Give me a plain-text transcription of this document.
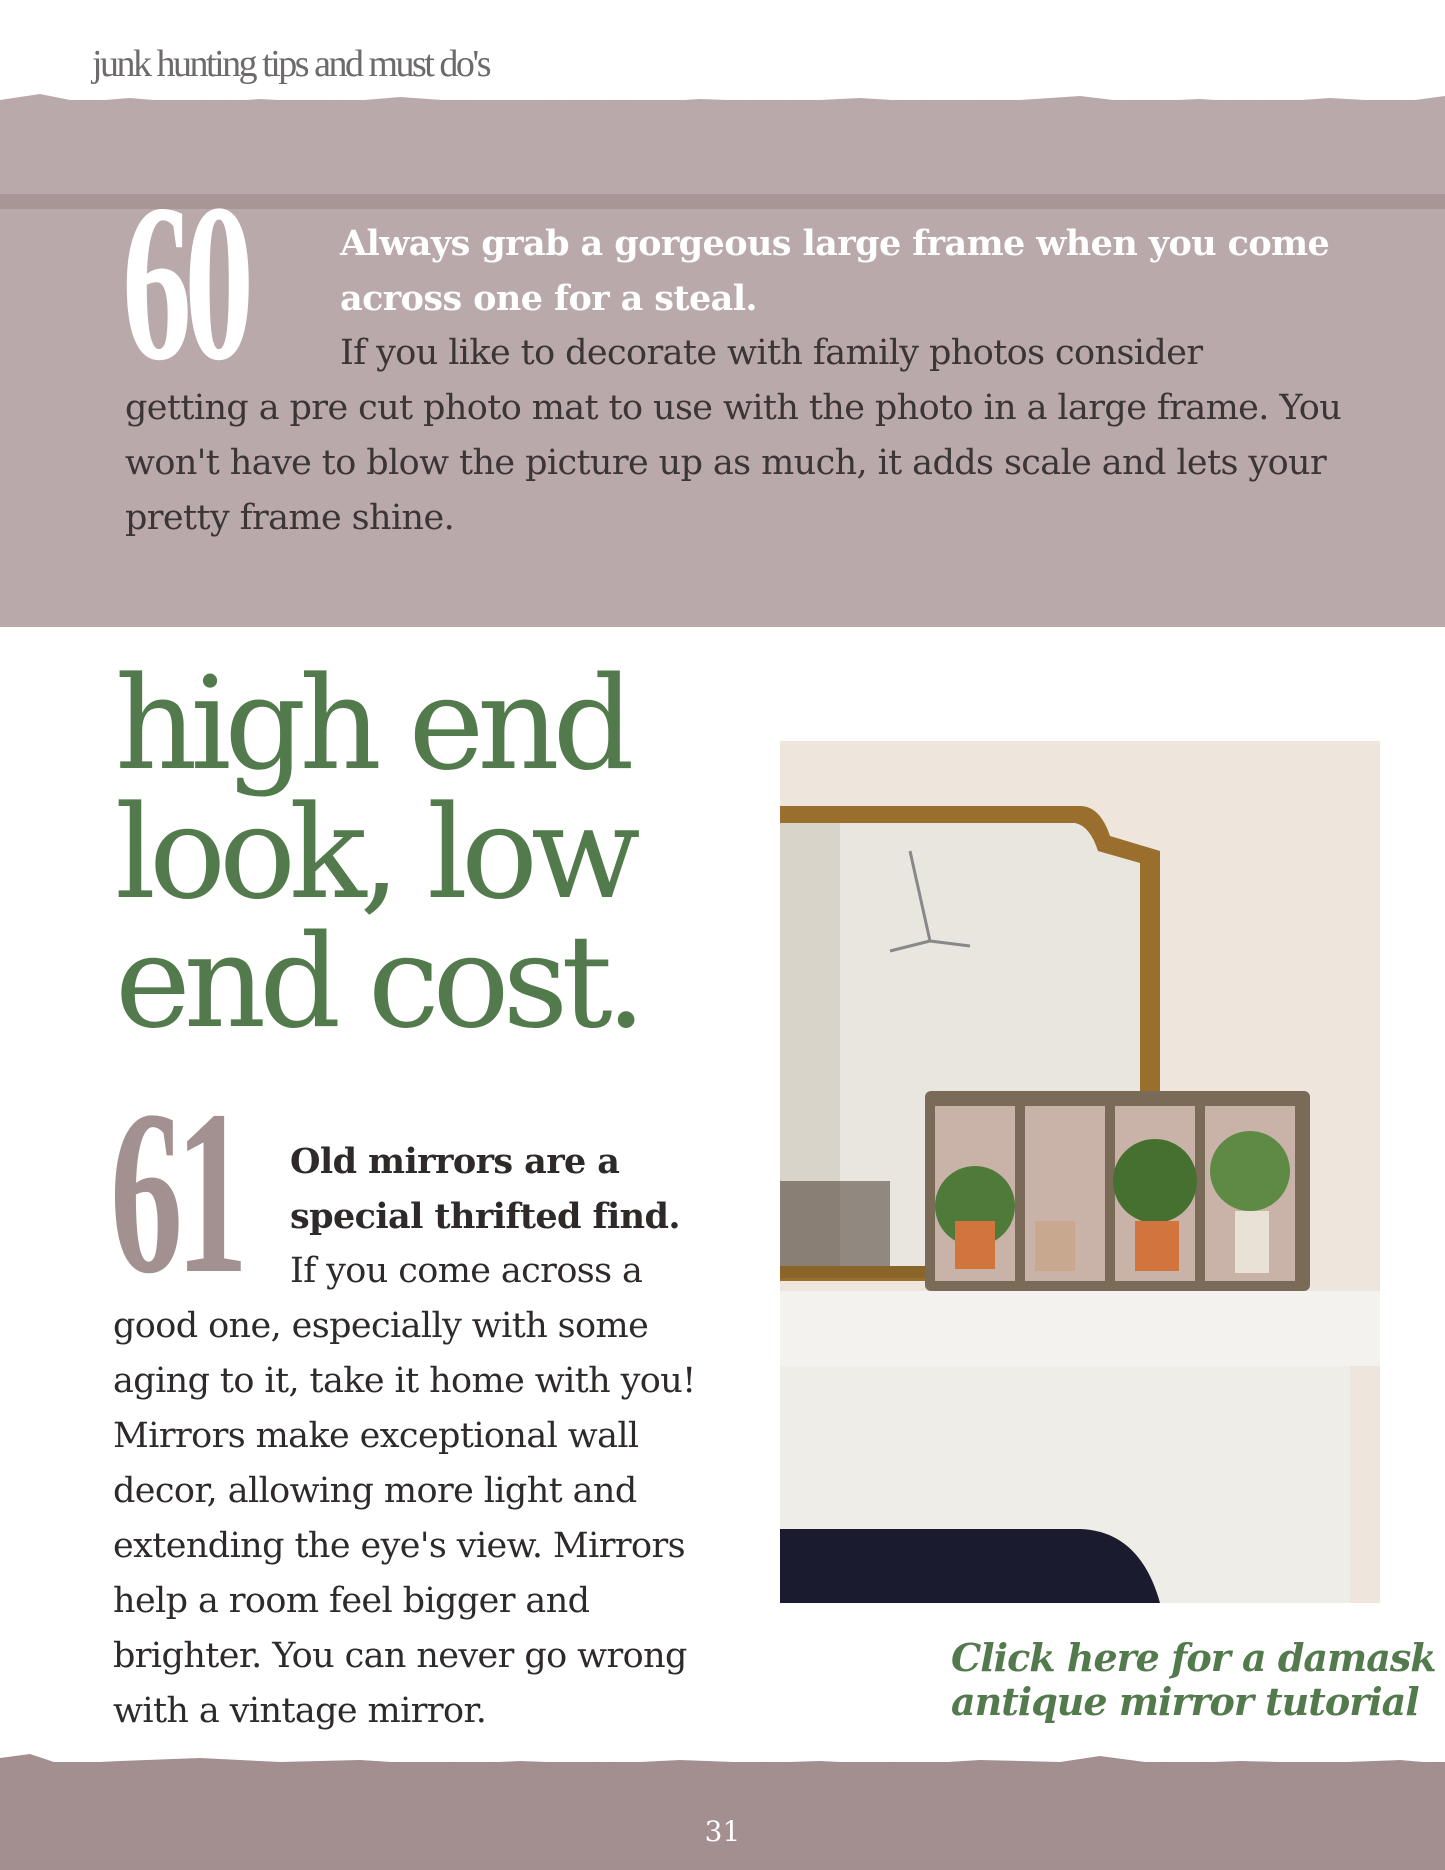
junk hunting tips and must do's
60	Always grab a gorgeous large frame when you come across one for a steal.
If you like to decorate with family photos consider
getting a pre cut photo mat to use with the photo in a large frame. You won't have to blow the picture up as much, it adds scale and lets your pretty frame shine.
high end
look, low
end cost.
61 Old mirrors are a
special thrifted find.
If you come across a
good one, especially with some aging to it, take it home with you! Mirrors make exceptional wall decor, allowing more light and extending the eye's view. Mirrors help a room feel bigger and brighter. You can never go wrong with a vintage mirror.
Click here for a damask
antique mirror tutorial
31
